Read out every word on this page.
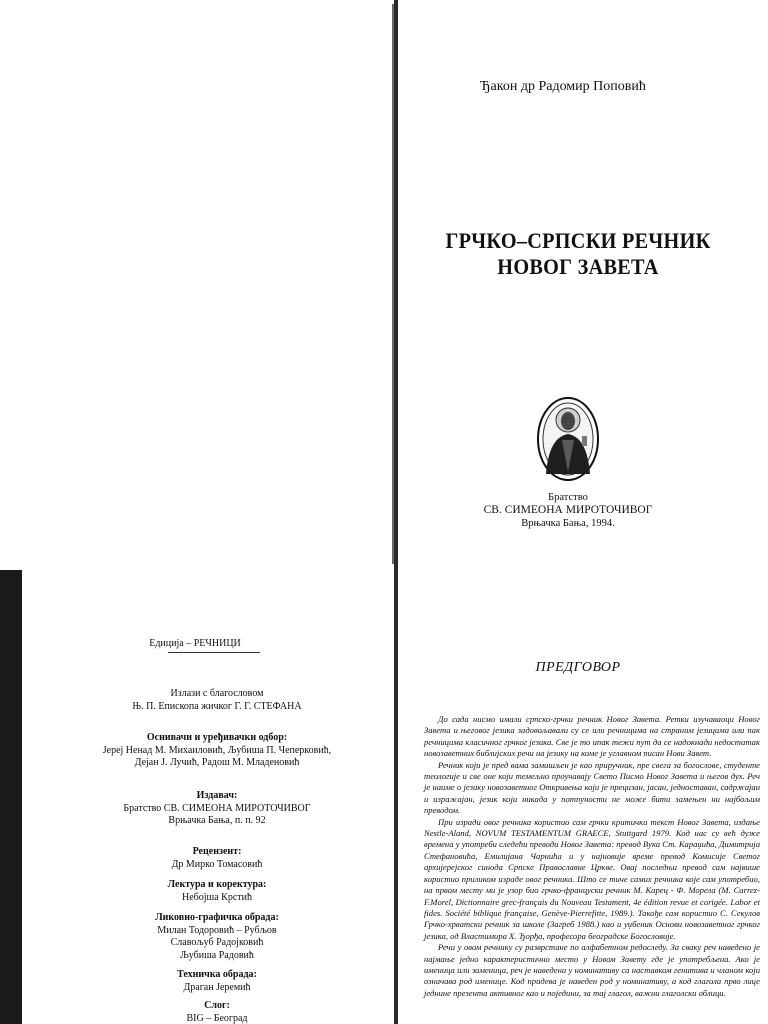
Ђакон др Радомир Поповић
ГРЧКО–СРПСКИ РЕЧНИК
НОВОГ ЗАВЕТА
Братство
СВ. СИМЕОНА МИРОТОЧИВОГ
Врњачка Бања, 1994.
Едиција – РЕЧНИЦИ
Излази с благословом
Њ. П. Епископа жичког Г. Г. СТЕФАНА
Оснивачи и уређивачки одбор:
Јереј Ненад М. Михаиловић, Љубиша П. Чеперковић,
Дејан Ј. Лучић, Радош М. Младеновић
Издавач:
Братство СВ. СИМЕОНА МИРОТОЧИВОГ
Врњачка Бања, п. п. 92
Рецензент:
Др Мирко Томасовић
Лектура и коректура:
Небојша Крстић
Ликовно-графичка обрада:
Милан Тодоровић – Рубљов
Славољуб Радојковић
Љубиша Радовић
Техничка обрада:
Драган Јеремић
Слог:
BIG – Београд
ПРЕДГОВОР

До сада нисмо имали српско-грчки речник Новог Завета. Ретки изучаваоци Новог Завета и његовог језика задовољавали су се или речницима на страним језицима или пак речницима класичног грчког језика. Све је то ипак тежи пут да се надокнади недостатак новозаветних библијских речи на језику на коме је углавном писан Нови Завет.

Речник који је пред вама замишљен је као приручник, пре свега за богослове, студенте теологије и све оне који темељно проучавају Свето Писмо Новог Завета и његов дух. Реч је наиме о језику новозаветног Откривења који је прецизан, јасан, једноставан, садржајан и изражајан, језик који никада у потпуности не може бити замењен ни најбољим преводом.

При изради овог речника користио сам грчки критички текст Новог Завета, издање Nestle-Aland, NOVUM TESTAMENTUM GRAECE, Stuttgard 1979. Код нас су већ дуже времена у употреби следећи преводи Новог Завета: превод Вука Ст. Караџића, Димитрија Стефановића, Емилијана Чарнића и у најновије време превод Комисије Светог архијерејског синода Српске Православне Цркве. Овај последњи превод сам највише користио приликом израде овог речника. Што се тиче самих речника које сам употребио, на првом месту ми је узор био грчко-француски речник М. Карец - Ф. Морела (M. Carrez-F.Morel, Dictionnaire grec-français du Nouveau Testament, 4e édition revue et corigée. Labor et fides. Société biblique française, Genève-Pierrefitte, 1989.). Такође сам користио С. Секулов Грчко-хрватски речник за школе (Загреб 1988.) као и уџбеник Основи новозаветног грчког језика, од Властимира Х. Ђорђа, професора београдске Богословије.

Речи у овом речнику су разврстане по алфабетном редоследу. За сваку реч наведено је најмање једно карактеристично место у Новом Завету где је употребљена. Ако је именица или заменица, реч је наведена у номинативу са наставком генитива и чланом који означава род именице. Код придева је наведен род у номинативу, а код глагола прво лице једнине презента активног као и поједини, за тај глагол, важни глаголски облици.
